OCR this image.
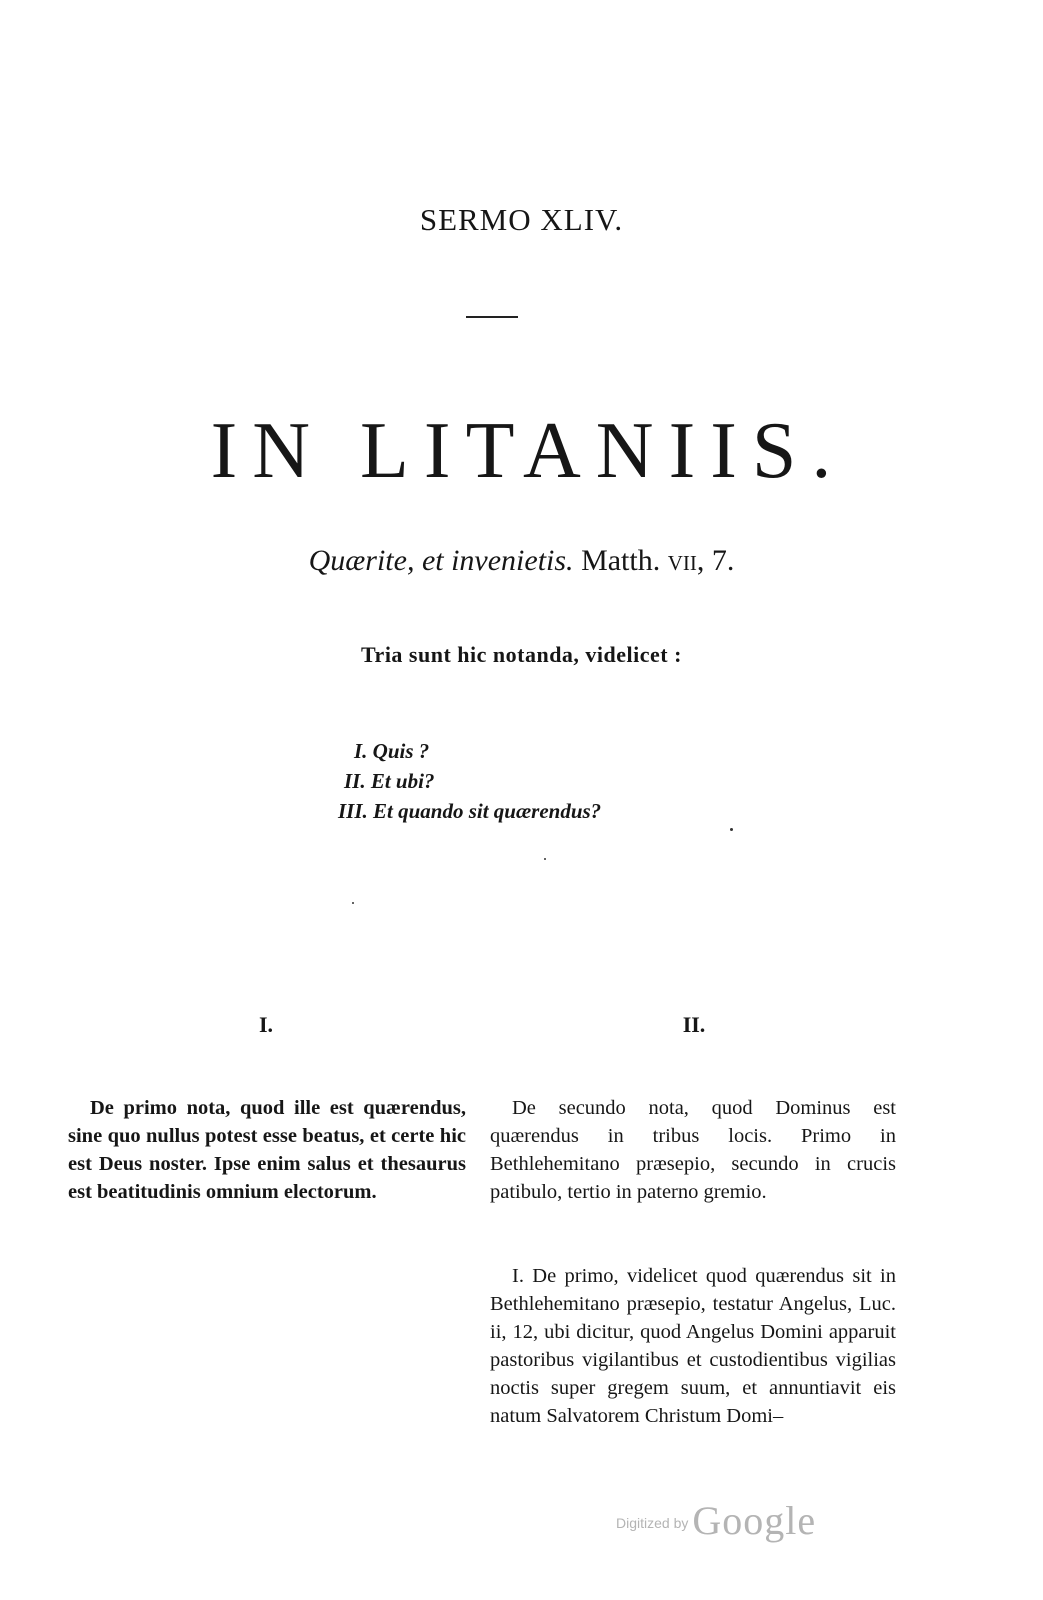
SERMO XLIV.
IN LITANIIS.
Quærite, et invenietis. Matth. vii, 7.
Tria sunt hic notanda, videlicet :
I. Quis ?
II. Et ubi?
III. Et quando sit quærendus?
I.	II.

De primo nota, quod ille est quærendus, sine quo nullus potest esse beatus, et certe hic est Deus noster. Ipse enim salus et thesaurus est beatitudinis omnium electorum.

De secundo nota, quod Dominus est quærendus in tribus locis. Primo in Bethlehemitano præsepio, secundo in crucis patibulo, tertio in paterno gremio.

I. De primo, videlicet quod quærendus sit in Bethlehemitano præsepio, testatur Angelus, Luc. ii, 12, ubi dicitur, quod Angelus Domini apparuit pastoribus vigilantibus et custodientibus vigilias noctis super gregem suum, et annuntiavit eis natum Salvatorem Christum Domi–

Digitized by Google
